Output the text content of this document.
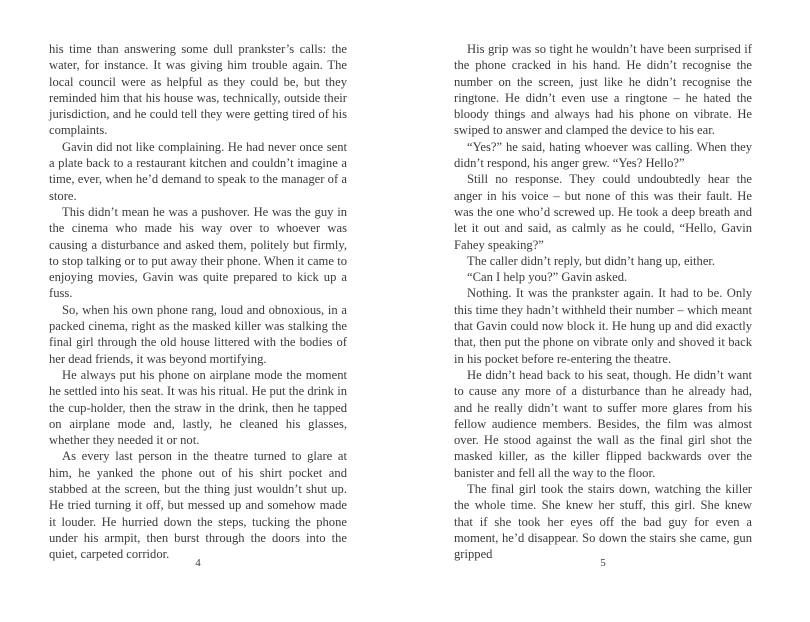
his time than answering some dull prankster’s calls: the water, for instance. It was giving him trouble again. The local council were as helpful as they could be, but they reminded him that his house was, technically, outside their jurisdiction, and he could tell they were getting tired of his complaints.

Gavin did not like complaining. He had never once sent a plate back to a restaurant kitchen and couldn’t imagine a time, ever, when he’d demand to speak to the manager of a store.

This didn’t mean he was a pushover. He was the guy in the cinema who made his way over to whoever was causing a disturbance and asked them, politely but firmly, to stop talking or to put away their phone. When it came to enjoying movies, Gavin was quite prepared to kick up a fuss.

So, when his own phone rang, loud and obnoxious, in a packed cinema, right as the masked killer was stalking the final girl through the old house littered with the bodies of her dead friends, it was beyond mortifying.

He always put his phone on airplane mode the moment he settled into his seat. It was his ritual. He put the drink in the cup-holder, then the straw in the drink, then he tapped on airplane mode and, lastly, he cleaned his glasses, whether they needed it or not.

As every last person in the theatre turned to glare at him, he yanked the phone out of his shirt pocket and stabbed at the screen, but the thing just wouldn’t shut up. He tried turning it off, but messed up and somehow made it louder. He hurried down the steps, tucking the phone under his armpit, then burst through the doors into the quiet, carpeted corridor.

4

His grip was so tight he wouldn’t have been surprised if the phone cracked in his hand. He didn’t recognise the number on the screen, just like he didn’t recognise the ringtone. He didn’t even use a ringtone – he hated the bloody things and always had his phone on vibrate. He swiped to answer and clamped the device to his ear.

“Yes?” he said, hating whoever was calling. When they didn’t respond, his anger grew. “Yes? Hello?”

Still no response. They could undoubtedly hear the anger in his voice – but none of this was their fault. He was the one who’d screwed up. He took a deep breath and let it out and said, as calmly as he could, “Hello, Gavin Fahey speaking?”

The caller didn’t reply, but didn’t hang up, either.

“Can I help you?” Gavin asked.

Nothing. It was the prankster again. It had to be. Only this time they hadn’t withheld their number – which meant that Gavin could now block it. He hung up and did exactly that, then put the phone on vibrate only and shoved it back in his pocket before re-entering the theatre.

He didn’t head back to his seat, though. He didn’t want to cause any more of a disturbance than he already had, and he really didn’t want to suffer more glares from his fellow audience members. Besides, the film was almost over. He stood against the wall as the final girl shot the masked killer, as the killer flipped backwards over the banister and fell all the way to the floor.

The final girl took the stairs down, watching the killer the whole time. She knew her stuff, this girl. She knew that if she took her eyes off the bad guy for even a moment, he’d disappear. So down the stairs she came, gun gripped

5
